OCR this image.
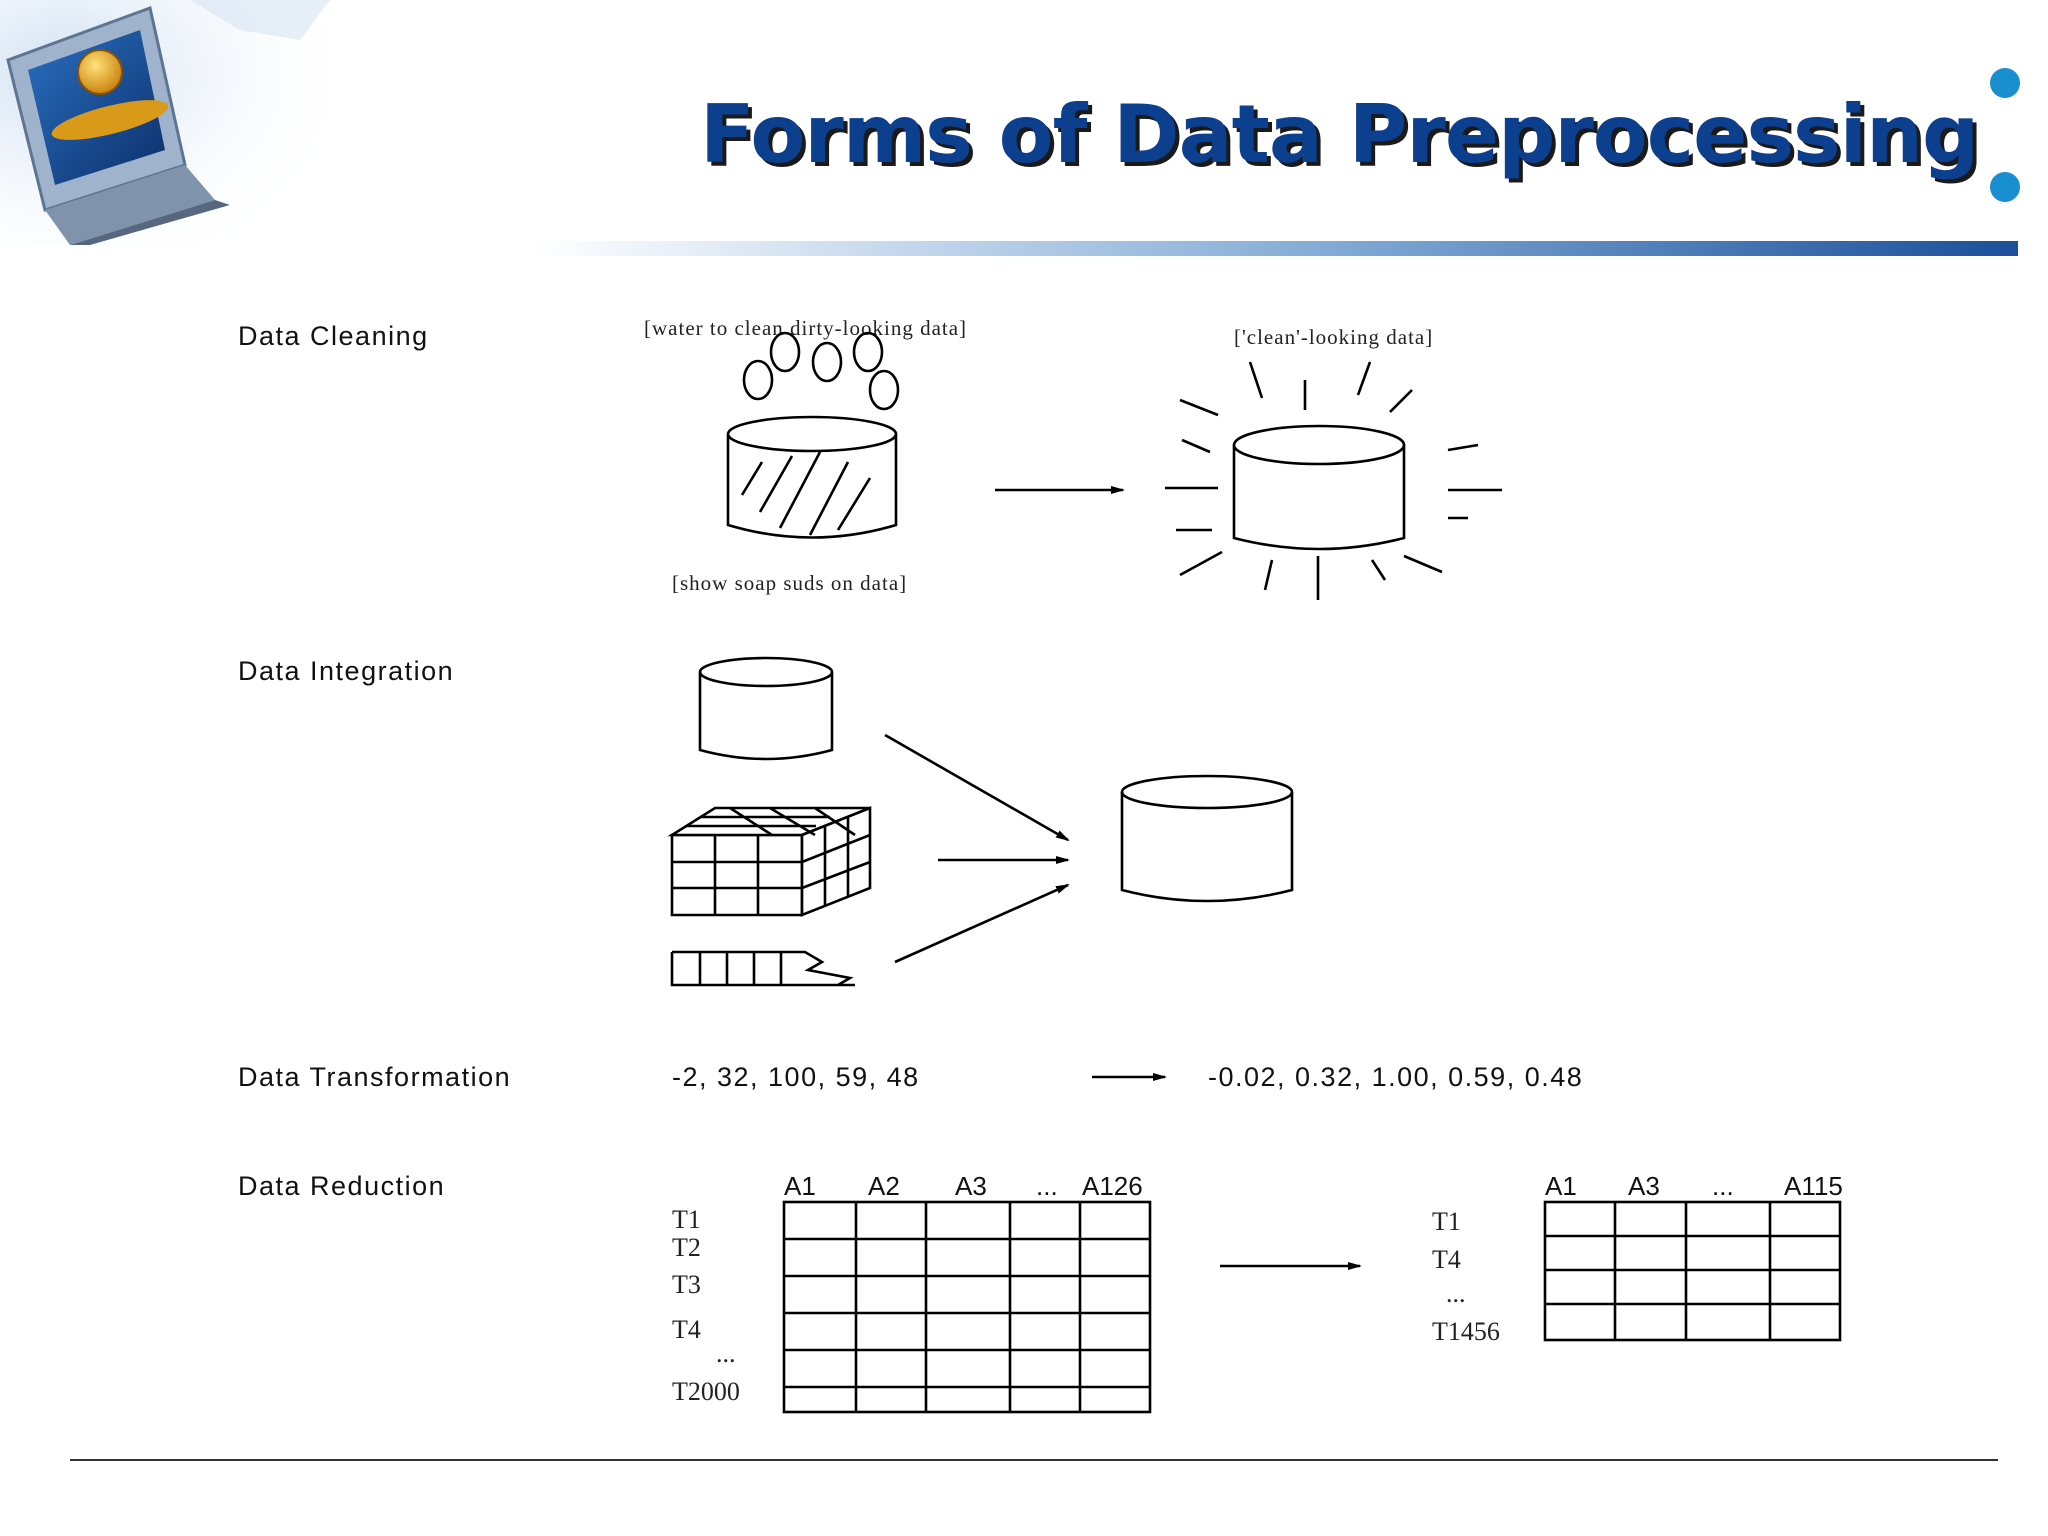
Forms of Data Preprocessing
Data Cleaning	[water to clean dirty-looking data]
[show soap suds on data]
['clean'-looking data]
Data Integration
Data Transformation	-2, 32, 100, 59, 48	-0.02, 0.32, 1.00, 0.59, 0.48
Data Reduction	A1 A2 A3 ... A126
T1
T2
T3
T4
...
T2000
A1 A3 ... A115
T1
T4
...
T1456
